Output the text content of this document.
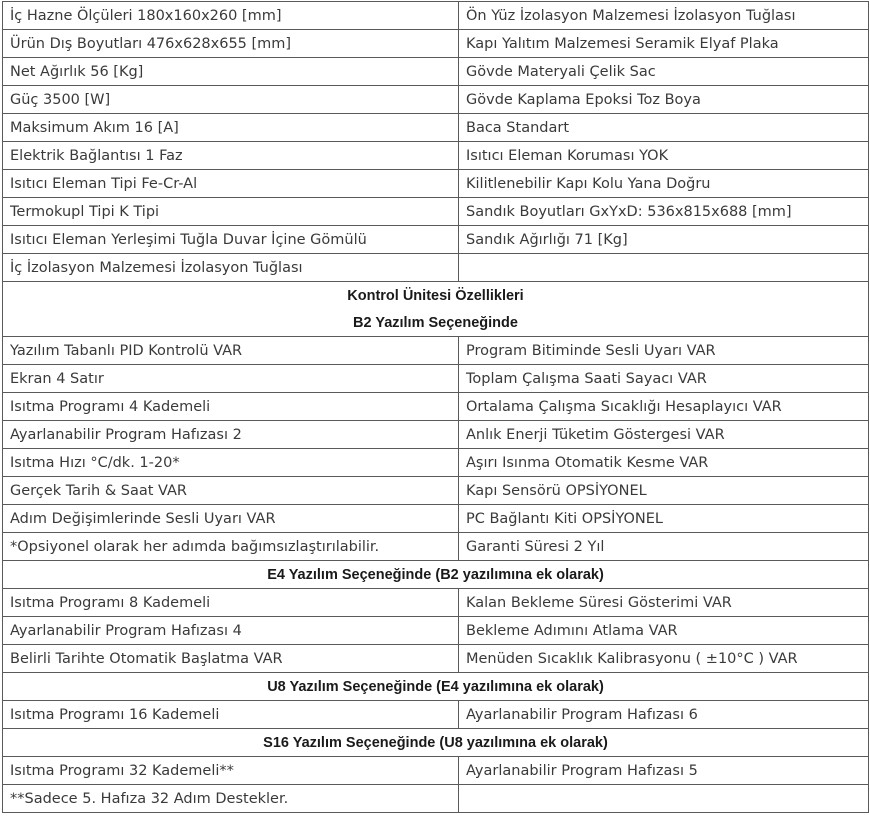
İç Hazne Ölçüleri 180x160x260 [mm]	Ön Yüz İzolasyon Malzemesi İzolasyon Tuğlası
Ürün Dış Boyutları 476x628x655 [mm]	Kapı Yalıtım Malzemesi Seramik Elyaf Plaka
Net Ağırlık 56 [Kg]	Gövde Materyali Çelik Sac
Güç 3500 [W]	Gövde Kaplama Epoksi Toz Boya
Maksimum Akım 16 [A]	Baca Standart
Elektrik Bağlantısı 1 Faz	Isıtıcı Eleman Koruması YOK
Isıtıcı Eleman Tipi Fe-Cr-Al	Kilitlenebilir Kapı Kolu Yana Doğru
Termokupl Tipi K Tipi	Sandık Boyutları GxYxD: 536x815x688 [mm]
Isıtıcı Eleman Yerleşimi Tuğla Duvar İçine Gömülü	Sandık Ağırlığı 71 [Kg]
İç İzolasyon Malzemesi İzolasyon Tuğlası	
Kontrol Ünitesi Özellikleri	
B2 Yazılım Seçeneğinde	
Yazılım Tabanlı PID Kontrolü VAR	Program Bitiminde Sesli Uyarı VAR
Ekran 4 Satır	Toplam Çalışma Saati Sayacı VAR
Isıtma Programı 4 Kademeli	Ortalama Çalışma Sıcaklığı Hesaplayıcı VAR
Ayarlanabilir Program Hafızası 2	Anlık Enerji Tüketim Göstergesi VAR
Isıtma Hızı °C/dk. 1-20*	Aşırı Isınma Otomatik Kesme VAR
Gerçek Tarih & Saat VAR	Kapı Sensörü OPSİYONEL
Adım Değişimlerinde Sesli Uyarı VAR	PC Bağlantı Kiti OPSİYONEL
*Opsiyonel olarak her adımda bağımsızlaştırılabilir.	Garanti Süresi 2 Yıl
E4 Yazılım Seçeneğinde (B2 yazılımına ek olarak)	
Isıtma Programı 8 Kademeli	Kalan Bekleme Süresi Gösterimi VAR
Ayarlanabilir Program Hafızası 4	Bekleme Adımını Atlama VAR
Belirli Tarihte Otomatik Başlatma VAR	Menüden Sıcaklık Kalibrasyonu ( ±10°C ) VAR
U8 Yazılım Seçeneğinde (E4 yazılımına ek olarak)	
Isıtma Programı 16 Kademeli	Ayarlanabilir Program Hafızası 6
S16 Yazılım Seçeneğinde (U8 yazılımına ek olarak)	
Isıtma Programı 32 Kademeli**	Ayarlanabilir Program Hafızası 5
**Sadece 5. Hafıza 32 Adım Destekler.	
